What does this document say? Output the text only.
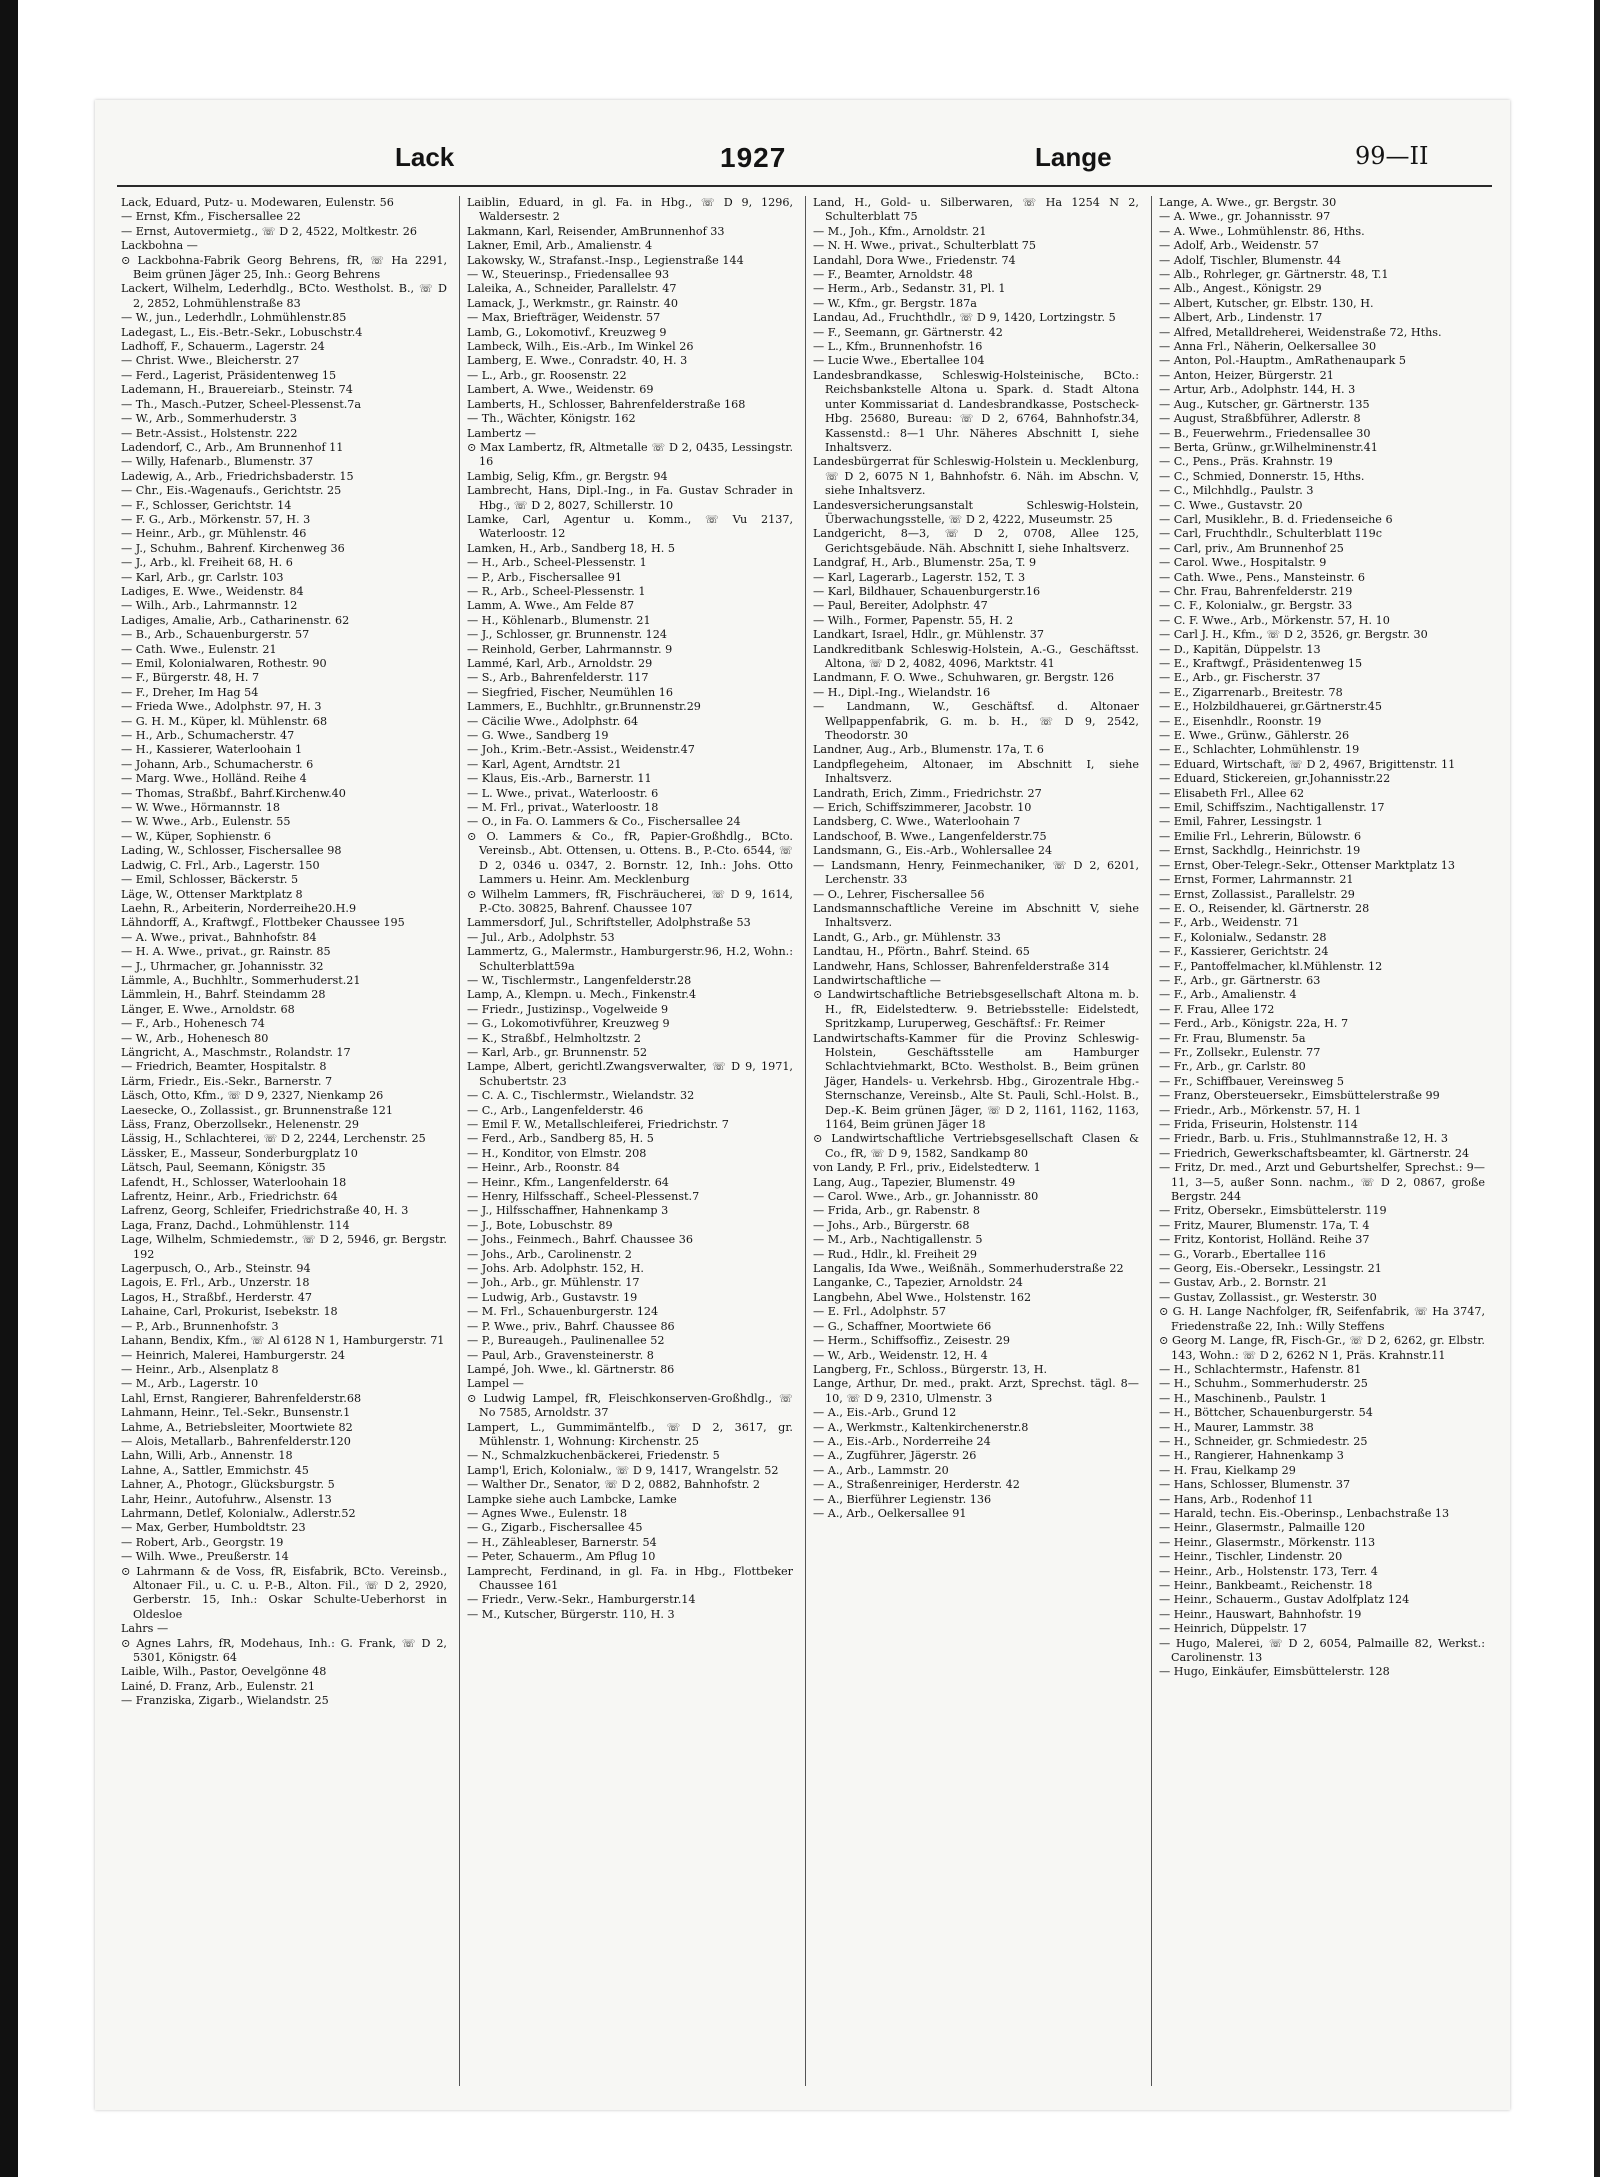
Lack	1927	Lange	99—II

Lack, Eduard, Putz- u. Modewaren, Eulenstr. 56

— Ernst, Kfm., Fischersallee 22

— Ernst, Autovermietg., ☏ D 2, 4522, Moltkestr. 26

Lackbohna —

⊙ Lackbohna-Fabrik Georg Behrens, fR, ☏ Ha 2291, Beim grünen Jäger 25, Inh.: Georg Behrens

Lackert, Wilhelm, Lederhdlg., BCto. Westholst. B., ☏ D 2, 2852, Lohmühlenstraße 83

— W., jun., Lederhdlr., Lohmühlenstr.85

Ladegast, L., Eis.-Betr.-Sekr., Lobuschstr.4

Ladhoff, F., Schauerm., Lagerstr. 24

— Christ. Wwe., Bleicherstr. 27

— Ferd., Lagerist, Präsidentenweg 15

Lademann, H., Brauereiarb., Steinstr. 74

— Th., Masch.-Putzer, Scheel-Plessenst.7a

— W., Arb., Sommerhuderstr. 3

— Betr.-Assist., Holstenstr. 222

Ladendorf, C., Arb., Am Brunnenhof 11

— Willy, Hafenarb., Blumenstr. 37

Ladewig, A., Arb., Friedrichsbaderstr. 15

— Chr., Eis.-Wagenaufs., Gerichtstr. 25

— F., Schlosser, Gerichtstr. 14

— F. G., Arb., Mörkenstr. 57, H. 3

— Heinr., Arb., gr. Mühlenstr. 46

— J., Schuhm., Bahrenf. Kirchenweg 36

— J., Arb., kl. Freiheit 68, H. 6

— Karl, Arb., gr. Carlstr. 103

Ladiges, E. Wwe., Weidenstr. 84

— Wilh., Arb., Lahrmannstr. 12

Ladiges, Amalie, Arb., Catharinenstr. 62

— B., Arb., Schauenburgerstr. 57

— Cath. Wwe., Eulenstr. 21

— Emil, Kolonialwaren, Rothestr. 90

— F., Bürgerstr. 48, H. 7

— F., Dreher, Im Hag 54

— Frieda Wwe., Adolphstr. 97, H. 3

— G. H. M., Küper, kl. Mühlenstr. 68

— H., Arb., Schumacherstr. 47

— H., Kassierer, Waterloohain 1

— Johann, Arb., Schumacherstr. 6

— Marg. Wwe., Holländ. Reihe 4

— Thomas, Straßbf., Bahrf.Kirchenw.40

— W. Wwe., Hörmannstr. 18

— W. Wwe., Arb., Eulenstr. 55

— W., Küper, Sophienstr. 6

Lading, W., Schlosser, Fischersallee 98

Ladwig, C. Frl., Arb., Lagerstr. 150

— Emil, Schlosser, Bäckerstr. 5

Läge, W., Ottenser Marktplatz 8

Laehn, R., Arbeiterin, Norderreihe20.H.9

Lähndorff, A., Kraftwgf., Flottbeker Chaussee 195

— A. Wwe., privat., Bahnhofstr. 84

— H. A. Wwe., privat., gr. Rainstr. 85

— J., Uhrmacher, gr. Johannisstr. 32

Lämmle, A., Buchhltr., Sommerhuderst.21

Lämmlein, H., Bahrf. Steindamm 28

Länger, E. Wwe., Arnoldstr. 68

— F., Arb., Hohenesch 74

— W., Arb., Hohenesch 80

Längricht, A., Maschmstr., Rolandstr. 17

— Friedrich, Beamter, Hospitalstr. 8

Lärm, Friedr., Eis.-Sekr., Barnerstr. 7

Läsch, Otto, Kfm., ☏ D 9, 2327, Nienkamp 26

Laesecke, O., Zollassist., gr. Brunnenstraße 121

Läss, Franz, Oberzollsekr., Helenenstr. 29

Lässig, H., Schlachterei, ☏ D 2, 2244, Lerchenstr. 25

Lässker, E., Masseur, Sonderburgplatz 10

Lätsch, Paul, Seemann, Königstr. 35

Lafendt, H., Schlosser, Waterloohain 18

Lafrentz, Heinr., Arb., Friedrichstr. 64

Lafrenz, Georg, Schleifer, Friedrichstraße 40, H. 3

Laga, Franz, Dachd., Lohmühlenstr. 114

Lage, Wilhelm, Schmiedemstr., ☏ D 2, 5946, gr. Bergstr. 192

Lagerpusch, O., Arb., Steinstr. 94

Lagois, E. Frl., Arb., Unzerstr. 18

Lagos, H., Straßbf., Herderstr. 47

Lahaine, Carl, Prokurist, Isebekstr. 18

— P., Arb., Brunnenhofstr. 3

Lahann, Bendix, Kfm., ☏ Al 6128 N 1, Hamburgerstr. 71

— Heinrich, Malerei, Hamburgerstr. 24

— Heinr., Arb., Alsenplatz 8

— M., Arb., Lagerstr. 10

Lahl, Ernst, Rangierer, Bahrenfelderstr.68

Lahmann, Heinr., Tel.-Sekr., Bunsenstr.1

Lahme, A., Betriebsleiter, Moortwiete 82

— Alois, Metallarb., Bahrenfelderstr.120

Lahn, Willi, Arb., Annenstr. 18

Lahne, A., Sattler, Emmichstr. 45

Lahner, A., Photogr., Glücksburgstr. 5

Lahr, Heinr., Autofuhrw., Alsenstr. 13

Lahrmann, Detlef, Kolonialw., Adlerstr.52

— Max, Gerber, Humboldtstr. 23

— Robert, Arb., Georgstr. 19

— Wilh. Wwe., Preußerstr. 14

⊙ Lahrmann & de Voss, fR, Eisfabrik, BCto. Vereinsb., Altonaer Fil., u. C. u. P.-B., Alton. Fil., ☏ D 2, 2920, Gerberstr. 15, Inh.: Oskar Schulte-Ueberhorst in Oldesloe

Lahrs —

⊙ Agnes Lahrs, fR, Modehaus, Inh.: G. Frank, ☏ D 2, 5301, Königstr. 64

Laible, Wilh., Pastor, Oevelgönne 48

Lainé, D. Franz, Arb., Eulenstr. 21

— Franziska, Zigarb., Wielandstr. 25

Laiblin, Eduard, in gl. Fa. in Hbg., ☏ D 9, 1296, Waldersestr. 2

Lakmann, Karl, Reisender, AmBrunnenhof 33

Lakner, Emil, Arb., Amalienstr. 4

Lakowsky, W., Strafanst.-Insp., Legienstraße 144

— W., Steuerinsp., Friedensallee 93

Laleika, A., Schneider, Parallelstr. 47

Lamack, J., Werkmstr., gr. Rainstr. 40

— Max, Briefträger, Weidenstr. 57

Lamb, G., Lokomotivf., Kreuzweg 9

Lambeck, Wilh., Eis.-Arb., Im Winkel 26

Lamberg, E. Wwe., Conradstr. 40, H. 3

— L., Arb., gr. Roosenstr. 22

Lambert, A. Wwe., Weidenstr. 69

Lamberts, H., Schlosser, Bahrenfelderstraße 168

— Th., Wächter, Königstr. 162

Lambertz —

⊙ Max Lambertz, fR, Altmetalle ☏ D 2, 0435, Lessingstr. 16

Lambig, Selig, Kfm., gr. Bergstr. 94

Lambrecht, Hans, Dipl.-Ing., in Fa. Gustav Schrader in Hbg., ☏ D 2, 8027, Schillerstr. 10

Lamke, Carl, Agentur u. Komm., ☏ Vu 2137, Waterloostr. 12

Lamken, H., Arb., Sandberg 18, H. 5

— H., Arb., Scheel-Plessenstr. 1

— P., Arb., Fischersallee 91

— R., Arb., Scheel-Plessenstr. 1

Lamm, A. Wwe., Am Felde 87

— H., Köhlenarb., Blumenstr. 21

— J., Schlosser, gr. Brunnenstr. 124

— Reinhold, Gerber, Lahrmannstr. 9

Lammé, Karl, Arb., Arnoldstr. 29

— S., Arb., Bahrenfelderstr. 117

— Siegfried, Fischer, Neumühlen 16

Lammers, E., Buchhltr., gr.Brunnenstr.29

— Cäcilie Wwe., Adolphstr. 64

— G. Wwe., Sandberg 19

— Joh., Krim.-Betr.-Assist., Weidenstr.47

— Karl, Agent, Arndtstr. 21

— Klaus, Eis.-Arb., Barnerstr. 11

— L. Wwe., privat., Waterloostr. 6

— M. Frl., privat., Waterloostr. 18

— O., in Fa. O. Lammers & Co., Fischersallee 24

⊙ O. Lammers & Co., fR, Papier-Großhdlg., BCto. Vereinsb., Abt. Ottensen, u. Ottens. B., P.-Cto. 6544, ☏ D 2, 0346 u. 0347, 2. Bornstr. 12, Inh.: Johs. Otto Lammers u. Heinr. Am. Mecklenburg

⊙ Wilhelm Lammers, fR, Fischräucherei, ☏ D 9, 1614, P.-Cto. 30825, Bahrenf. Chaussee 107

Lammersdorf, Jul., Schriftsteller, Adolphstraße 53

— Jul., Arb., Adolphstr. 53

Lammertz, G., Malermstr., Hamburgerstr.96, H.2, Wohn.: Schulterblatt59a

— W., Tischlermstr., Langenfelderstr.28

Lamp, A., Klempn. u. Mech., Finkenstr.4

— Friedr., Justizinsp., Vogelweide 9

— G., Lokomotivführer, Kreuzweg 9

— K., Straßbf., Helmholtzstr. 2

— Karl, Arb., gr. Brunnenstr. 52

Lampe, Albert, gerichtl.Zwangsverwalter, ☏ D 9, 1971, Schubertstr. 23

— C. A. C., Tischlermstr., Wielandstr. 32

— C., Arb., Langenfelderstr. 46

— Emil F. W., Metallschleiferei, Friedrichstr. 7

— Ferd., Arb., Sandberg 85, H. 5

— H., Konditor, von Elmstr. 208

— Heinr., Arb., Roonstr. 84

— Heinr., Kfm., Langenfelderstr. 64

— Henry, Hilfsschaff., Scheel-Plessenst.7

— J., Hilfsschaffner, Hahnenkamp 3

— J., Bote, Lobuschstr. 89

— Johs., Feinmech., Bahrf. Chaussee 36

— Johs., Arb., Carolinenstr. 2

— Johs. Arb. Adolphstr. 152, H.

— Joh., Arb., gr. Mühlenstr. 17

— Ludwig, Arb., Gustavstr. 19

— M. Frl., Schauenburgerstr. 124

— P. Wwe., priv., Bahrf. Chaussee 86

— P., Bureaugeh., Paulinenallee 52

— Paul, Arb., Gravensteinerstr. 8

Lampé, Joh. Wwe., kl. Gärtnerstr. 86

Lampel —

⊙ Ludwig Lampel, fR, Fleischkonserven-Großhdlg., ☏ No 7585, Arnoldstr. 37

Lampert, L., Gummimäntelfb., ☏ D 2, 3617, gr. Mühlenstr. 1, Wohnung: Kirchenstr. 25

— N., Schmalzkuchenbäckerei, Friedenstr. 5

Lamp'l, Erich, Kolonialw., ☏ D 9, 1417, Wrangelstr. 52

— Walther Dr., Senator, ☏ D 2, 0882, Bahnhofstr. 2

Lampke siehe auch Lambcke, Lamke

— Agnes Wwe., Eulenstr. 18

— G., Zigarb., Fischersallee 45

— H., Zähleableser, Barnerstr. 54

— Peter, Schauerm., Am Pflug 10

Lamprecht, Ferdinand, in gl. Fa. in Hbg., Flottbeker Chaussee 161

— Friedr., Verw.-Sekr., Hamburgerstr.14

— M., Kutscher, Bürgerstr. 110, H. 3

Land, H., Gold- u. Silberwaren, ☏ Ha 1254 N 2, Schulterblatt 75

— M., Joh., Kfm., Arnoldstr. 21

— N. H. Wwe., privat., Schulterblatt 75

Landahl, Dora Wwe., Friedenstr. 74

— F., Beamter, Arnoldstr. 48

— Herm., Arb., Sedanstr. 31, Pl. 1

— W., Kfm., gr. Bergstr. 187a

Landau, Ad., Fruchthdlr., ☏ D 9, 1420, Lortzingstr. 5

— F., Seemann, gr. Gärtnerstr. 42

— L., Kfm., Brunnenhofstr. 16

— Lucie Wwe., Ebertallee 104

Landesbrandkasse, Schleswig-Holsteinische, BCto.: Reichsbankstelle Altona u. Spark. d. Stadt Altona unter Kommissariat d. Landesbrandkasse, Postscheck- Hbg. 25680, Bureau: ☏ D 2, 6764, Bahnhofstr.34, Kassenstd.: 8—1 Uhr. Näheres Abschnitt I, siehe Inhaltsverz.

Landesbürgerrat für Schleswig-Holstein u. Mecklenburg, ☏ D 2, 6075 N 1, Bahnhofstr. 6. Näh. im Abschn. V, siehe Inhaltsverz.

Landesversicherungsanstalt Schleswig-Holstein, Überwachungsstelle, ☏ D 2, 4222, Museumstr. 25

Landgericht, 8—3, ☏ D 2, 0708, Allee 125, Gerichtsgebäude. Näh. Abschnitt I, siehe Inhaltsverz.

Landgraf, H., Arb., Blumenstr. 25a, T. 9

— Karl, Lagerarb., Lagerstr. 152, T. 3

— Karl, Bildhauer, Schauenburgerstr.16

— Paul, Bereiter, Adolphstr. 47

— Wilh., Former, Papenstr. 55, H. 2

Landkart, Israel, Hdlr., gr. Mühlenstr. 37

Landkreditbank Schleswig-Holstein, A.-G., Geschäftsst. Altona, ☏ D 2, 4082, 4096, Marktstr. 41

Landmann, F. O. Wwe., Schuhwaren, gr. Bergstr. 126

— H., Dipl.-Ing., Wielandstr. 16

— Landmann, W., Geschäftsf. d. Altonaer Wellpappenfabrik, G. m. b. H., ☏ D 9, 2542, Theodorstr. 30

Landner, Aug., Arb., Blumenstr. 17a, T. 6

Landpflegeheim, Altonaer, im Abschnitt I, siehe Inhaltsverz.

Landrath, Erich, Zimm., Friedrichstr. 27

— Erich, Schiffszimmerer, Jacobstr. 10

Landsberg, C. Wwe., Waterloohain 7

Landschoof, B. Wwe., Langenfelderstr.75

Landsmann, G., Eis.-Arb., Wohlersallee 24

— Landsmann, Henry, Feinmechaniker, ☏ D 2, 6201, Lerchenstr. 33

— O., Lehrer, Fischersallee 56

Landsmannschaftliche Vereine im Abschnitt V, siehe Inhaltsverz.

Landt, G., Arb., gr. Mühlenstr. 33

Landtau, H., Pförtn., Bahrf. Steind. 65

Landwehr, Hans, Schlosser, Bahrenfelderstraße 314

Landwirtschaftliche —

⊙ Landwirtschaftliche Betriebsgesellschaft Altona m. b. H., fR, Eidelstedterw. 9. Betriebsstelle: Eidelstedt, Spritzkamp, Luruperweg, Geschäftsf.: Fr. Reimer

Landwirtschafts-Kammer für die Provinz Schleswig-Holstein, Geschäftsstelle am Hamburger Schlachtviehmarkt, BCto. Westholst. B., Beim grünen Jäger, Handels- u. Verkehrsb. Hbg., Girozentrale Hbg.-Sternschanze, Vereinsb., Alte St. Pauli, Schl.-Holst. B., Dep.-K. Beim grünen Jäger, ☏ D 2, 1161, 1162, 1163, 1164, Beim grünen Jäger 18

⊙ Landwirtschaftliche Vertriebsgesellschaft Clasen & Co., fR, ☏ D 9, 1582, Sandkamp 80

von Landy, P. Frl., priv., Eidelstedterw. 1

Lang, Aug., Tapezier, Blumenstr. 49

— Carol. Wwe., Arb., gr. Johannisstr. 80

— Frida, Arb., gr. Rabenstr. 8

— Johs., Arb., Bürgerstr. 68

— M., Arb., Nachtigallenstr. 5

— Rud., Hdlr., kl. Freiheit 29

Langalis, Ida Wwe., Weißnäh., Sommerhuderstraße 22

Langanke, C., Tapezier, Arnoldstr. 24

Langbehn, Abel Wwe., Holstenstr. 162

— E. Frl., Adolphstr. 57

— G., Schaffner, Moortwiete 66

— Herm., Schiffsoffiz., Zeisestr. 29

— W., Arb., Weidenstr. 12, H. 4

Langberg, Fr., Schloss., Bürgerstr. 13, H.

Lange, Arthur, Dr. med., prakt. Arzt, Sprechst. tägl. 8—10, ☏ D 9, 2310, Ulmenstr. 3

— A., Eis.-Arb., Grund 12

— A., Werkmstr., Kaltenkirchenerstr.8

— A., Eis.-Arb., Norderreihe 24

— A., Zugführer, Jägerstr. 26

— A., Arb., Lammstr. 20

— A., Straßenreiniger, Herderstr. 42

— A., Bierführer Legienstr. 136

— A., Arb., Oelkersallee 91

Lange, A. Wwe., gr. Bergstr. 30

— A. Wwe., gr. Johannisstr. 97

— A. Wwe., Lohmühlenstr. 86, Hths.

— Adolf, Arb., Weidenstr. 57

— Adolf, Tischler, Blumenstr. 44

— Alb., Rohrleger, gr. Gärtnerstr. 48, T.1

— Alb., Angest., Königstr. 29

— Albert, Kutscher, gr. Elbstr. 130, H.

— Albert, Arb., Lindenstr. 17

— Alfred, Metalldreherei, Weidenstraße 72, Hths.

— Anna Frl., Näherin, Oelkersallee 30

— Anton, Pol.-Hauptm., AmRathenaupark 5

— Anton, Heizer, Bürgerstr. 21

— Artur, Arb., Adolphstr. 144, H. 3

— Aug., Kutscher, gr. Gärtnerstr. 135

— August, Straßbführer, Adlerstr. 8

— B., Feuerwehrm., Friedensallee 30

— Berta, Grünw., gr.Wilhelminenstr.41

— C., Pens., Präs. Krahnstr. 19

— C., Schmied, Donnerstr. 15, Hths.

— C., Milchhdlg., Paulstr. 3

— C. Wwe., Gustavstr. 20

— Carl, Musiklehr., B. d. Friedenseiche 6

— Carl, Fruchthdlr., Schulterblatt 119c

— Carl, priv., Am Brunnenhof 25

— Carol. Wwe., Hospitalstr. 9

— Cath. Wwe., Pens., Mansteinstr. 6

— Chr. Frau, Bahrenfelderstr. 219

— C. F., Kolonialw., gr. Bergstr. 33

— C. F. Wwe., Arb., Mörkenstr. 57, H. 10

— Carl J. H., Kfm., ☏ D 2, 3526, gr. Bergstr. 30

— D., Kapitän, Düppelstr. 13

— E., Kraftwgf., Präsidentenweg 15

— E., Arb., gr. Fischerstr. 37

— E., Zigarrenarb., Breitestr. 78

— E., Holzbildhauerei, gr.Gärtnerstr.45

— E., Eisenhdlr., Roonstr. 19

— E. Wwe., Grünw., Gählerstr. 26

— E., Schlachter, Lohmühlenstr. 19

— Eduard, Wirtschaft, ☏ D 2, 4967, Brigittenstr. 11

— Eduard, Stickereien, gr.Johannisstr.22

— Elisabeth Frl., Allee 62

— Emil, Schiffszim., Nachtigallenstr. 17

— Emil, Fahrer, Lessingstr. 1

— Emilie Frl., Lehrerin, Bülowstr. 6

— Ernst, Sackhdlg., Heinrichstr. 19

— Ernst, Ober-Telegr.-Sekr., Ottenser Marktplatz 13

— Ernst, Former, Lahrmannstr. 21

— Ernst, Zollassist., Parallelstr. 29

— E. O., Reisender, kl. Gärtnerstr. 28

— F., Arb., Weidenstr. 71

— F., Kolonialw., Sedanstr. 28

— F., Kassierer, Gerichtstr. 24

— F., Pantoffelmacher, kl.Mühlenstr. 12

— F., Arb., gr. Gärtnerstr. 63

— F., Arb., Amalienstr. 4

— F. Frau, Allee 172

— Ferd., Arb., Königstr. 22a, H. 7

— Fr. Frau, Blumenstr. 5a

— Fr., Zollsekr., Eulenstr. 77

— Fr., Arb., gr. Carlstr. 80

— Fr., Schiffbauer, Vereinsweg 5

— Franz, Obersteuersekr., Eimsbüttelerstraße 99

— Friedr., Arb., Mörkenstr. 57, H. 1

— Frida, Friseurin, Holstenstr. 114

— Friedr., Barb. u. Fris., Stuhlmannstraße 12, H. 3

— Friedrich, Gewerkschaftsbeamter, kl. Gärtnerstr. 24

— Fritz, Dr. med., Arzt und Geburtshelfer, Sprechst.: 9—11, 3—5, außer Sonn. nachm., ☏ D 2, 0867, große Bergstr. 244

— Fritz, Obersekr., Eimsbüttelerstr. 119

— Fritz, Maurer, Blumenstr. 17a, T. 4

— Fritz, Kontorist, Holländ. Reihe 37

— G., Vorarb., Ebertallee 116

— Georg, Eis.-Obersekr., Lessingstr. 21

— Gustav, Arb., 2. Bornstr. 21

— Gustav, Zollassist., gr. Westerstr. 30

⊙ G. H. Lange Nachfolger, fR, Seifenfabrik, ☏ Ha 3747, Friedenstraße 22, Inh.: Willy Steffens

⊙ Georg M. Lange, fR, Fisch-Gr., ☏ D 2, 6262, gr. Elbstr. 143, Wohn.: ☏ D 2, 6262 N 1, Präs. Krahnstr.11

— H., Schlachtermstr., Hafenstr. 81

— H., Schuhm., Sommerhuderstr. 25

— H., Maschinenb., Paulstr. 1

— H., Böttcher, Schauenburgerstr. 54

— H., Maurer, Lammstr. 38

— H., Schneider, gr. Schmiedestr. 25

— H., Rangierer, Hahnenkamp 3

— H. Frau, Kielkamp 29

— Hans, Schlosser, Blumenstr. 37

— Hans, Arb., Rodenhof 11

— Harald, techn. Eis.-Oberinsp., Lenbachstraße 13

— Heinr., Glasermstr., Palmaille 120

— Heinr., Glasermstr., Mörkenstr. 113

— Heinr., Tischler, Lindenstr. 20

— Heinr., Arb., Holstenstr. 173, Terr. 4

— Heinr., Bankbeamt., Reichenstr. 18

— Heinr., Schauerm., Gustav Adolfplatz 124

— Heinr., Hauswart, Bahnhofstr. 19

— Heinrich, Düppelstr. 17

— Hugo, Malerei, ☏ D 2, 6054, Palmaille 82, Werkst.: Carolinenstr. 13

— Hugo, Einkäufer, Eimsbüttelerstr. 128
